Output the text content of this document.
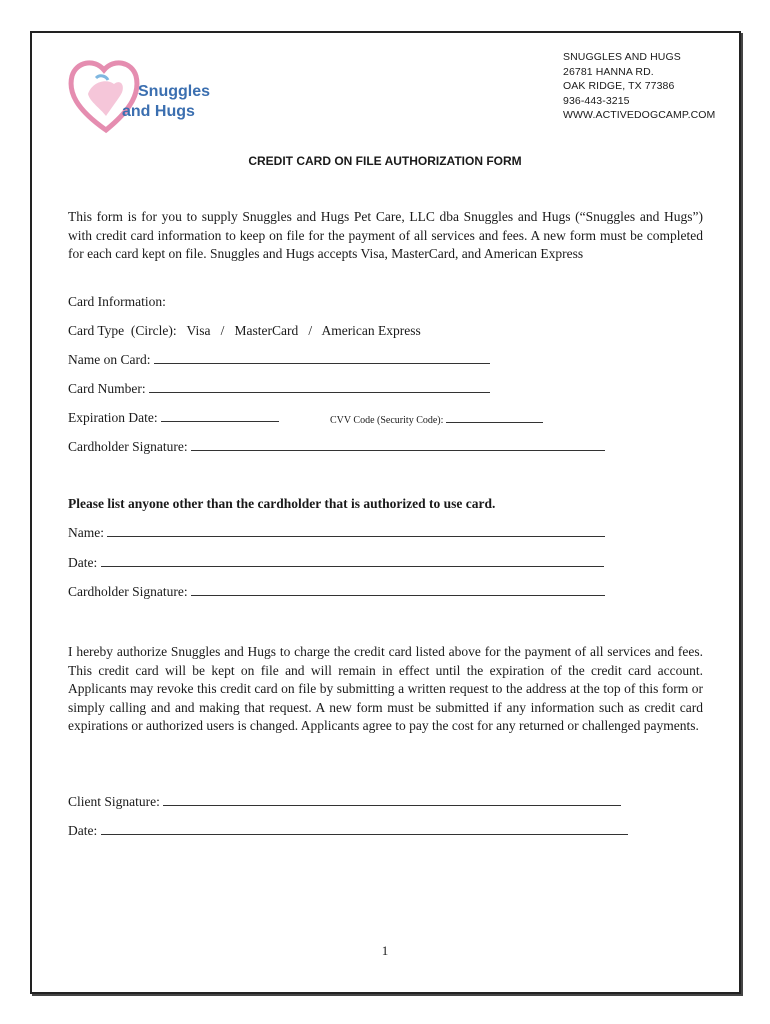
Snuggles
and Hugs
SNUGGLES AND HUGS
26781 HANNA RD.
OAK RIDGE, TX 77386
936-443-3215
WWW.ACTIVEDOGCAMP.COM
CREDIT CARD ON FILE AUTHORIZATION FORM
This form is for you to supply Snuggles and Hugs Pet Care, LLC dba Snuggles and Hugs (“Snuggles and Hugs”) with credit card information to keep on file for the payment of all services and fees. A new form must be completed for each card kept on file. Snuggles and Hugs accepts Visa, MasterCard, and American Express
Card Information:
Card Type  (Circle):   Visa   /   MasterCard   /   American Express
Name on Card:
Card Number:
Expiration Date:	CVV Code (Security Code):
Cardholder Signature:
Please list anyone other than the cardholder that is authorized to use card.
Name:
Date:
Cardholder Signature:
I hereby authorize Snuggles and Hugs to charge the credit card listed above for the payment of all services and fees. This credit card will be kept on file and will remain in effect until the expiration of the credit card account. Applicants may revoke this credit card on file by submitting a written request to the address at the top of this form or simply calling and and making that request. A new form must be submitted if any information such as credit card expirations or authorized users is changed. Applicants agree to pay the cost for any returned or challenged payments.
Client Signature:
Date:
1
